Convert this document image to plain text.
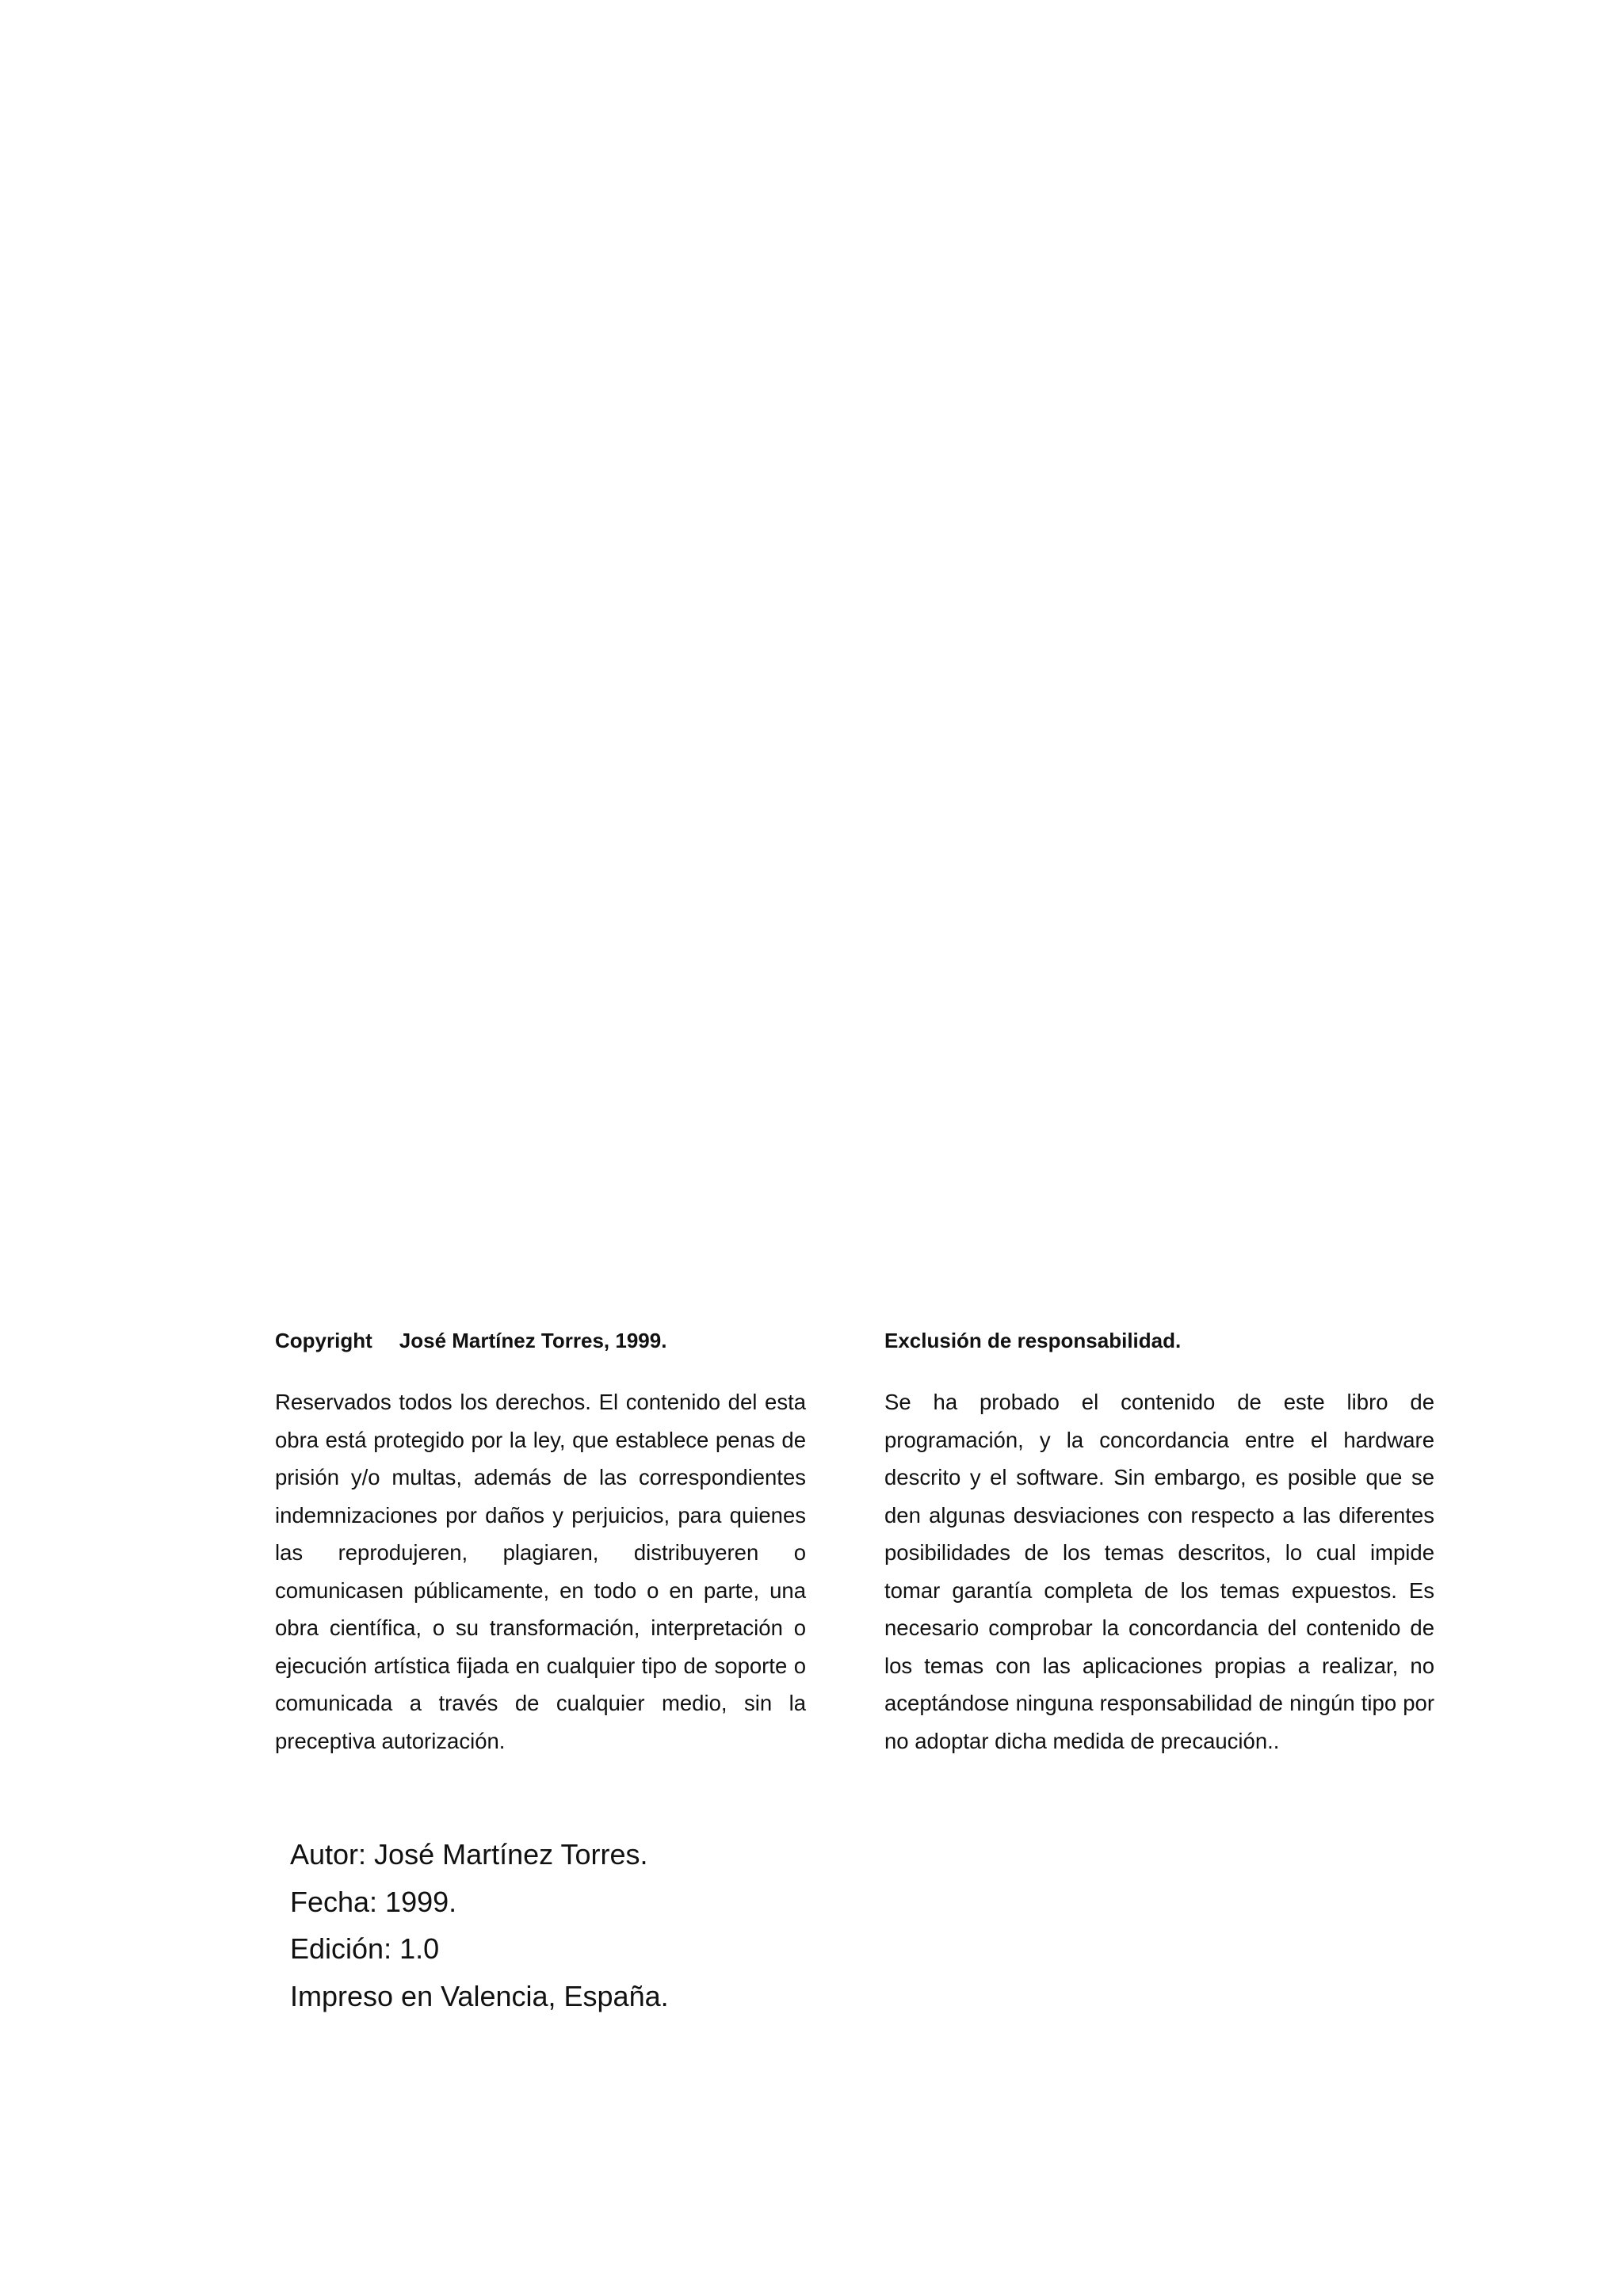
Copyright José Martínez Torres, 1999.

Reservados todos los derechos. El contenido del esta obra está protegido por la ley, que establece penas de prisión y/o multas, además de las correspondientes indemnizaciones por daños y perjuicios, para quienes las reprodujeren, plagiaren, distribuyeren o comunicasen públicamente, en todo o en parte, una obra científica, o su transformación, interpretación o ejecución artística fijada en cualquier tipo de soporte o comunicada a través de cualquier medio, sin la preceptiva autorización.

Exclusión de responsabilidad.

Se ha probado el contenido de este libro de programación, y la concordancia entre el hardware descrito y el software. Sin embargo, es posible que se den algunas desviaciones con respecto a las diferentes posibilidades de los temas descritos, lo cual impide tomar garantía completa de los temas expuestos. Es necesario comprobar la concordancia del contenido de los temas con las aplicaciones propias a realizar, no aceptándose ninguna responsabilidad de ningún tipo por no adoptar dicha medida de precaución..

Autor: José Martínez Torres.

Fecha: 1999.

Edición: 1.0

Impreso en Valencia, España.
